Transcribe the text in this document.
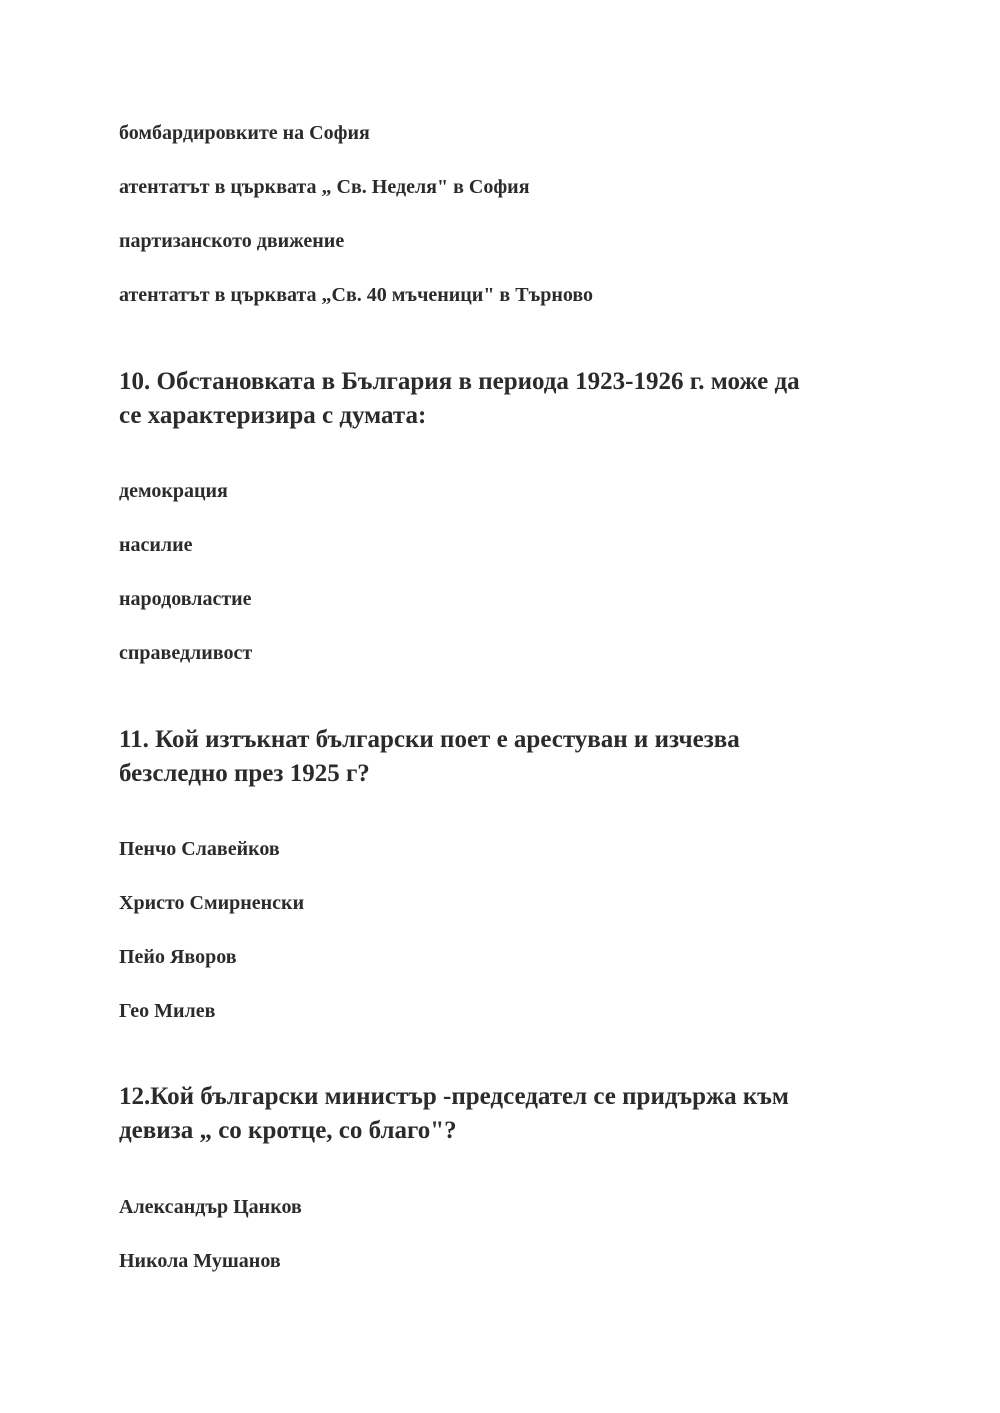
бомбардировките на София
атентатът в църквата „ Св. Неделя" в София
партизанското движение
атентатът в църквата „Св. 40 мъченици" в Търново
10. Обстановката в България в периода 1923-1926 г. може да
се характеризира с думата:
демокрация
насилие
народовластие
справедливост
11. Кой изтъкнат български поет е арестуван и изчезва
безследно през 1925 г?
Пенчо Славейков
Христо Смирненски
Пейо Яворов
Гео Милев
12.Кой български министър -председател се придържа към
девиза „ со кротце, со благо"?
Александър Цанков
Никола Мушанов
